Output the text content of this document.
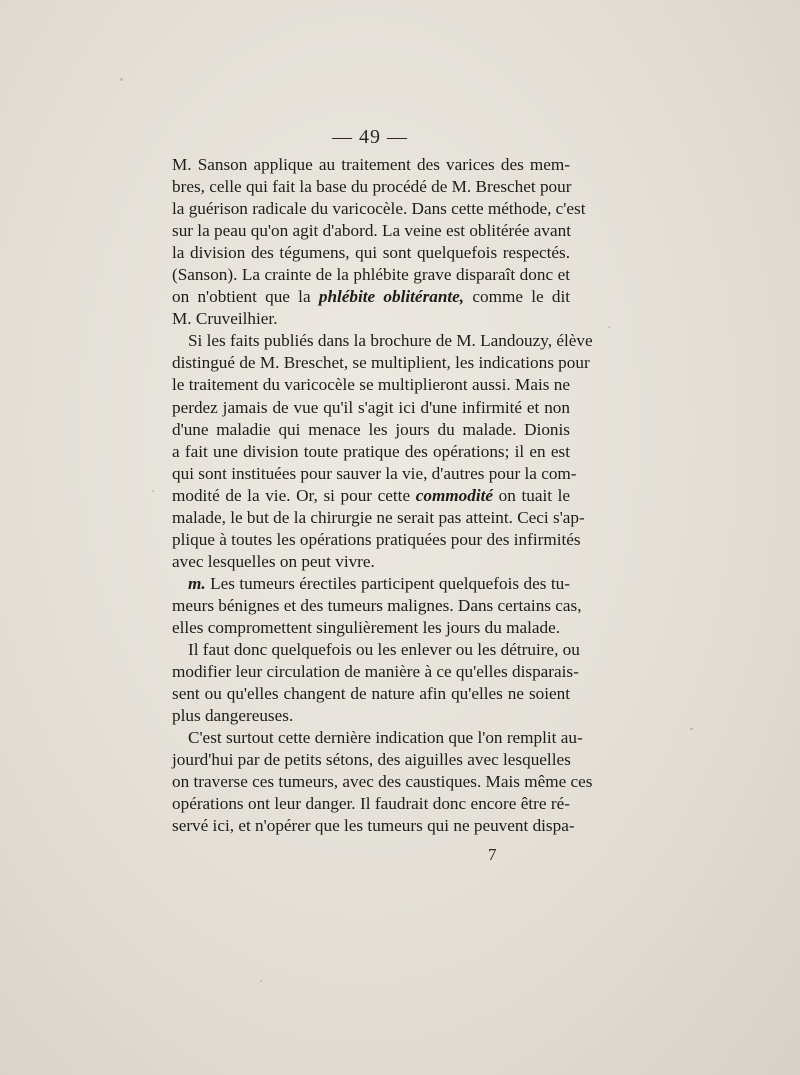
— 49 —
M. Sanson applique au traitement des varices des mem-
bres, celle qui fait la base du procédé de M. Breschet pour
la guérison radicale du varicocèle. Dans cette méthode, c'est
sur la peau qu'on agit d'abord. La veine est oblitérée avant
la division des tégumens, qui sont quelquefois respectés.
(Sanson). La crainte de la phlébite grave disparaît donc et
on n'obtient que la phlébite oblitérante, comme le dit
M. Cruveilhier.
Si les faits publiés dans la brochure de M. Landouzy, élève
distingué de M. Breschet, se multiplient, les indications pour
le traitement du varicocèle se multiplieront aussi. Mais ne
perdez jamais de vue qu'il s'agit ici d'une infirmité et non
d'une maladie qui menace les jours du malade. Dionis
a fait une division toute pratique des opérations; il en est
qui sont instituées pour sauver la vie, d'autres pour la com-
modité de la vie. Or, si pour cette commodité on tuait le
malade, le but de la chirurgie ne serait pas atteint. Ceci s'ap-
plique à toutes les opérations pratiquées pour des infirmités
avec lesquelles on peut vivre.
m. Les tumeurs érectiles participent quelquefois des tu-
meurs bénignes et des tumeurs malignes. Dans certains cas,
elles compromettent singulièrement les jours du malade.
Il faut donc quelquefois ou les enlever ou les détruire, ou
modifier leur circulation de manière à ce qu'elles disparais-
sent ou qu'elles changent de nature afin qu'elles ne soient
plus dangereuses.
C'est surtout cette dernière indication que l'on remplit au-
jourd'hui par de petits sétons, des aiguilles avec lesquelles
on traverse ces tumeurs, avec des caustiques. Mais même ces
opérations ont leur danger. Il faudrait donc encore être ré-
servé ici, et n'opérer que les tumeurs qui ne peuvent dispa-
7
